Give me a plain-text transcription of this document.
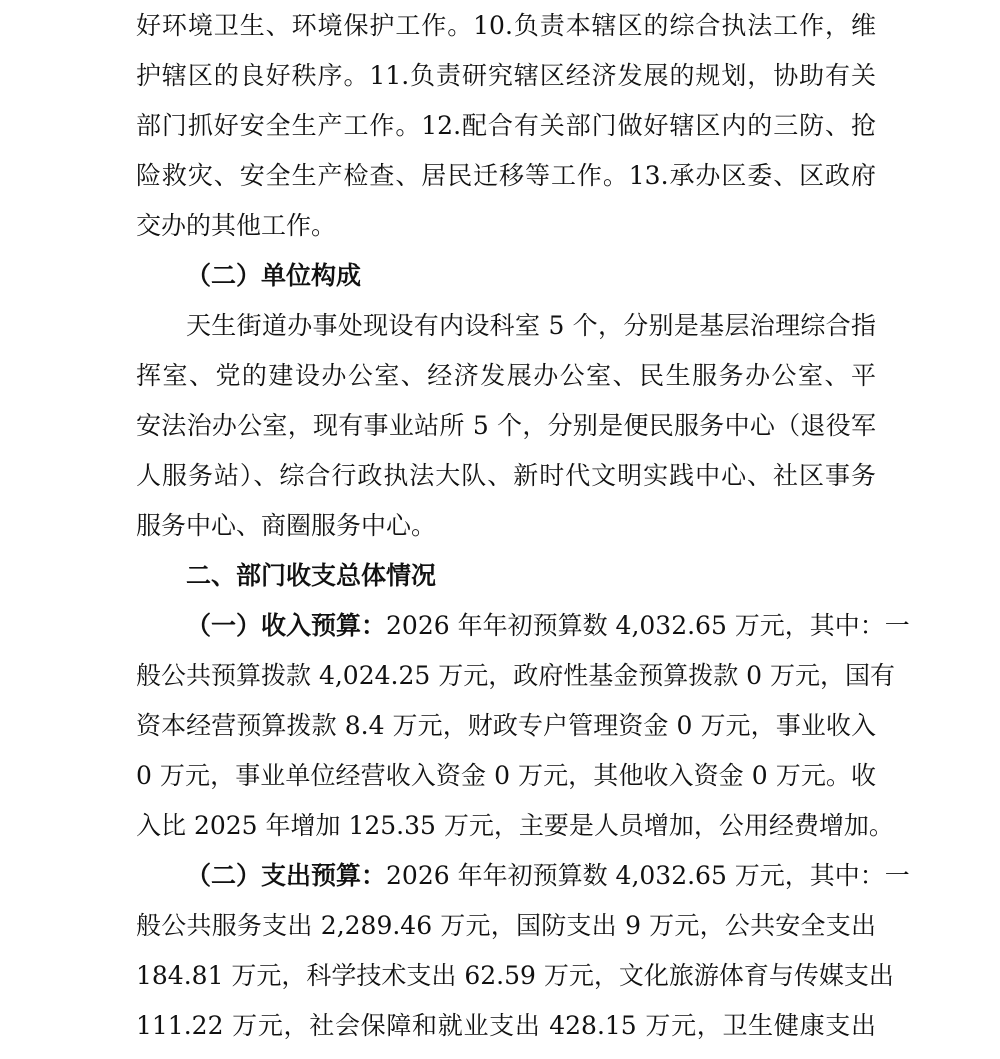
好环境卫生、环境保护工作。10.负责本辖区的综合执法工作，维
护辖区的良好秩序。11.负责研究辖区经济发展的规划，协助有关
部门抓好安全生产工作。12.配合有关部门做好辖区内的三防、抢
险救灾、安全生产检查、居民迁移等工作。13.承办区委、区政府
交办的其他工作。
（二）单位构成
天生街道办事处现设有内设科室 5 个，分别是基层治理综合指
挥室、党的建设办公室、经济发展办公室、民生服务办公室、平
安法治办公室，现有事业站所 5 个，分别是便民服务中心（退役军
人服务站）、综合行政执法大队、新时代文明实践中心、社区事务
服务中心、商圈服务中心。
二、部门收支总体情况
（一）收入预算：2026 年年初预算数 4,032.65 万元，其中：一
般公共预算拨款 4,024.25 万元，政府性基金预算拨款 0 万元，国有
资本经营预算拨款 8.4 万元，财政专户管理资金 0 万元，事业收入
0 万元，事业单位经营收入资金 0 万元，其他收入资金 0 万元。收
入比 2025 年增加 125.35 万元，主要是人员增加，公用经费增加。
（二）支出预算：2026 年年初预算数 4,032.65 万元，其中：一
般公共服务支出 2,289.46 万元，国防支出 9 万元，公共安全支出
184.81 万元，科学技术支出 62.59 万元，文化旅游体育与传媒支出
111.22 万元，社会保障和就业支出 428.15 万元，卫生健康支出
